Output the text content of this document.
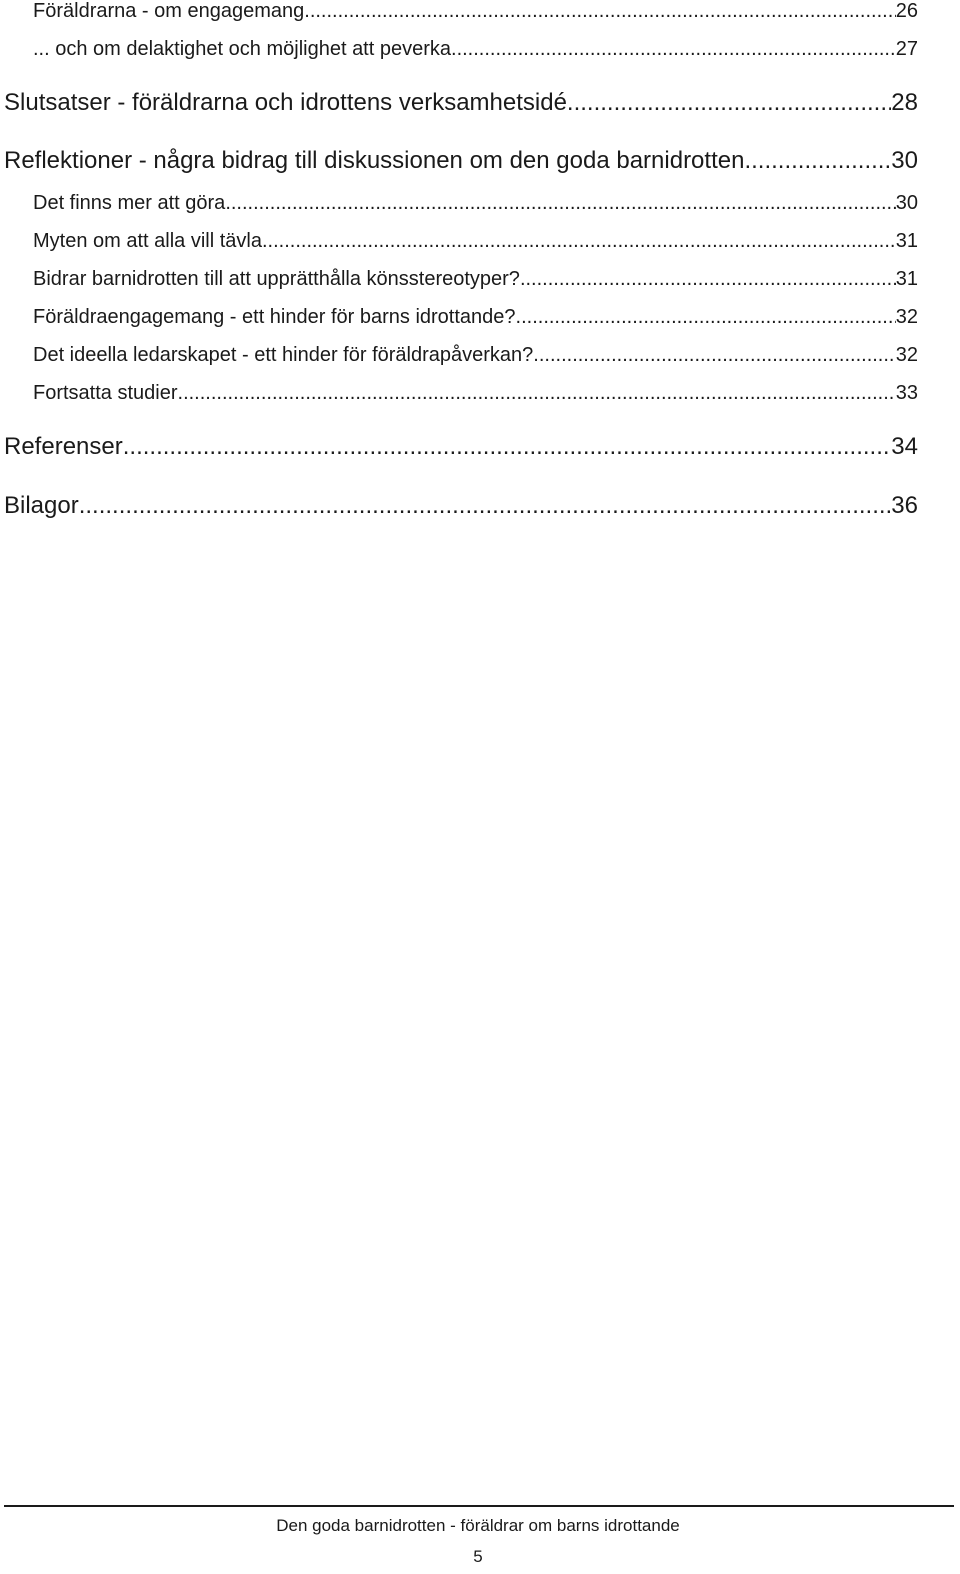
Föräldrarna - om engagemang .....	26
... och om delaktighet och möjlighet att peverka .....	27
Slutsatser - föräldrarna och idrottens verksamhetsidé .....	28
Reflektioner - några bidrag till diskussionen om den goda barnidrotten .....	30
Det finns mer att göra .....	30
Myten om att alla vill tävla .....	31
Bidrar barnidrotten till att upprätthålla könsstereotyper? .....	31
Föräldraengagemang - ett hinder för barns idrottande? .....	32
Det ideella ledarskapet - ett hinder för föräldrapåverkan? .....	32
Fortsatta studier .....	33
Referenser .....	34
Bilagor .....	36
Den goda barnidrotten - föräldrar om barns idrottande
5
